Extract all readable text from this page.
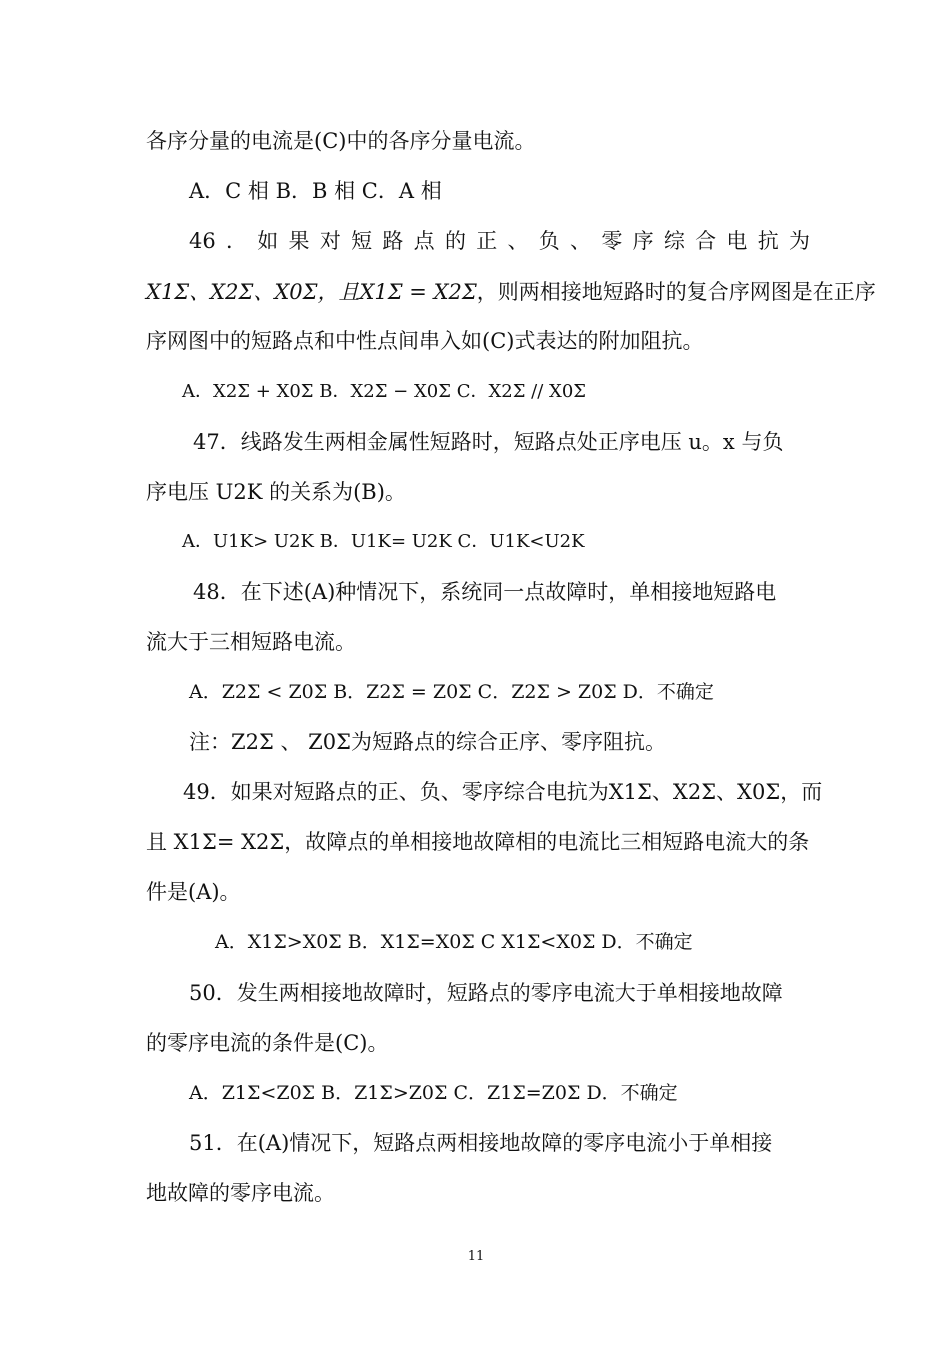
各序分量的电流是(C)中的各序分量电流。
A．C 相 B．B 相 C．A 相
46．如果对短路点的正、负、零序综合电抗为
X1Σ、X2Σ、X0Σ，且X1Σ = X2Σ，则两相接地短路时的复合序网图是在正序
序网图中的短路点和中性点间串入如(C)式表达的附加阻抗。
A．X2Σ + X0Σ B．X2Σ − X0Σ C．X2Σ // X0Σ
47．线路发生两相金属性短路时，短路点处正序电压 u。x 与负
序电压 U2K 的关系为(B)。
A．U1K> U2K B．U1K= U2K C．U1K<U2K
48．在下述(A)种情况下，系统同一点故障时，单相接地短路电
流大于三相短路电流。
A．Z2Σ < Z0Σ B．Z2Σ = Z0Σ C．Z2Σ > Z0Σ D．不确定
注：Z2Σ 、 Z0Σ为短路点的综合正序、零序阻抗。
49．如果对短路点的正、负、零序综合电抗为X1Σ、X2Σ、X0Σ，而
且 X1Σ= X2Σ，故障点的单相接地故障相的电流比三相短路电流大的条
件是(A)。
A．X1Σ>X0Σ B．X1Σ=X0Σ C X1Σ<X0Σ D．不确定
50．发生两相接地故障时，短路点的零序电流大于单相接地故障
的零序电流的条件是(C)。
A．Z1Σ<Z0Σ B．Z1Σ>Z0Σ C．Z1Σ=Z0Σ D．不确定
51．在(A)情况下，短路点两相接地故障的零序电流小于单相接
地故障的零序电流。
11
